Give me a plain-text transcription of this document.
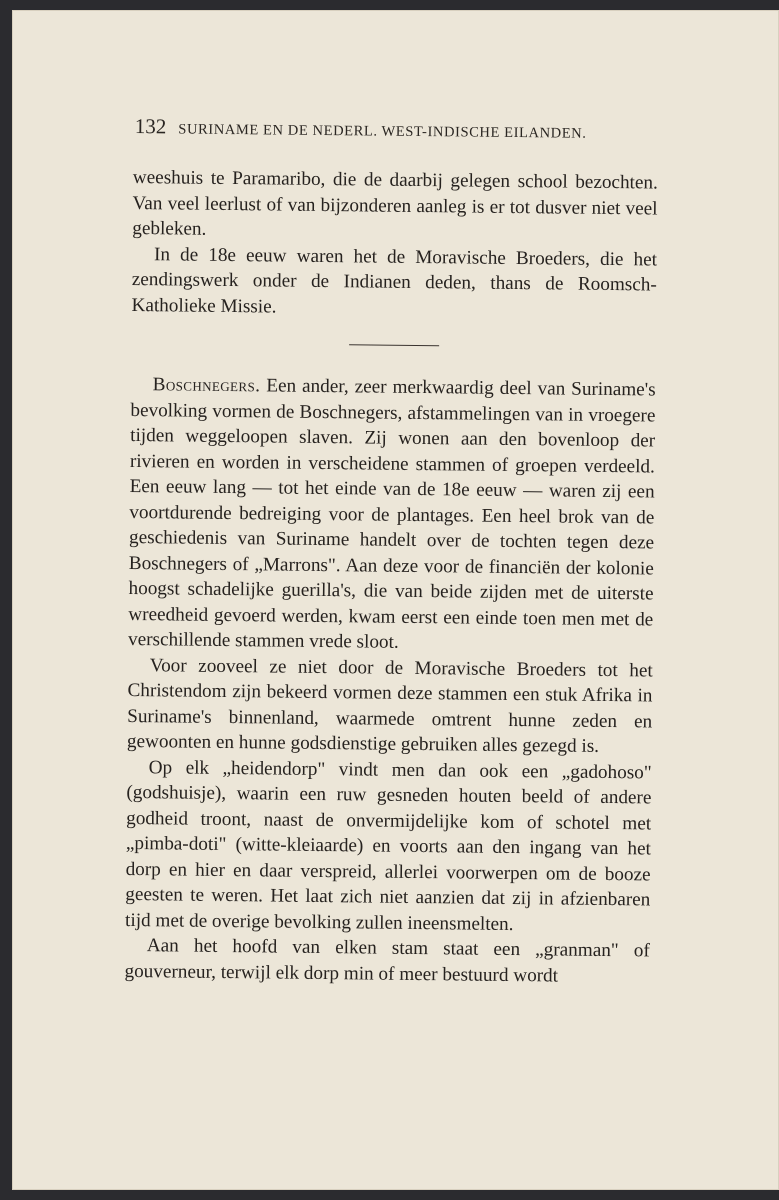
132 SURINAME EN DE NEDERL. WEST-INDISCHE EILANDEN.

weeshuis te Paramaribo, die de daarbij gelegen school bezochten. Van veel leerlust of van bijzonderen aanleg is er tot dusver niet veel gebleken.

In de 18e eeuw waren het de Moravische Broeders, die het zendingswerk onder de Indianen deden, thans de Roomsch-Katholieke Missie.

Boschnegers. Een ander, zeer merkwaardig deel van Suriname's bevolking vormen de Boschnegers, afstammelingen van in vroegere tijden weggeloopen slaven. Zij wonen aan den bovenloop der rivieren en worden in verscheidene stammen of groepen verdeeld. Een eeuw lang — tot het einde van de 18e eeuw — waren zij een voortdurende bedreiging voor de plantages. Een heel brok van de geschiedenis van Suriname handelt over de tochten tegen deze Boschnegers of „Marrons". Aan deze voor de financiën der kolonie hoogst schadelijke guerilla's, die van beide zijden met de uiterste wreedheid gevoerd werden, kwam eerst een einde toen men met de verschillende stammen vrede sloot.

Voor zooveel ze niet door de Moravische Broeders tot het Christendom zijn bekeerd vormen deze stammen een stuk Afrika in Suriname's binnenland, waarmede omtrent hunne zeden en gewoonten en hunne godsdienstige gebruiken alles gezegd is.

Op elk „heidendorp" vindt men dan ook een „gadohoso" (godshuisje), waarin een ruw gesneden houten beeld of andere godheid troont, naast de onvermijdelijke kom of schotel met „pimba-doti" (witte-kleiaarde) en voorts aan den ingang van het dorp en hier en daar verspreid, allerlei voorwerpen om de booze geesten te weren. Het laat zich niet aanzien dat zij in afzienbaren tijd met de overige bevolking zullen ineensmelten.

Aan het hoofd van elken stam staat een „granman" of gouverneur, terwijl elk dorp min of meer bestuurd wordt
